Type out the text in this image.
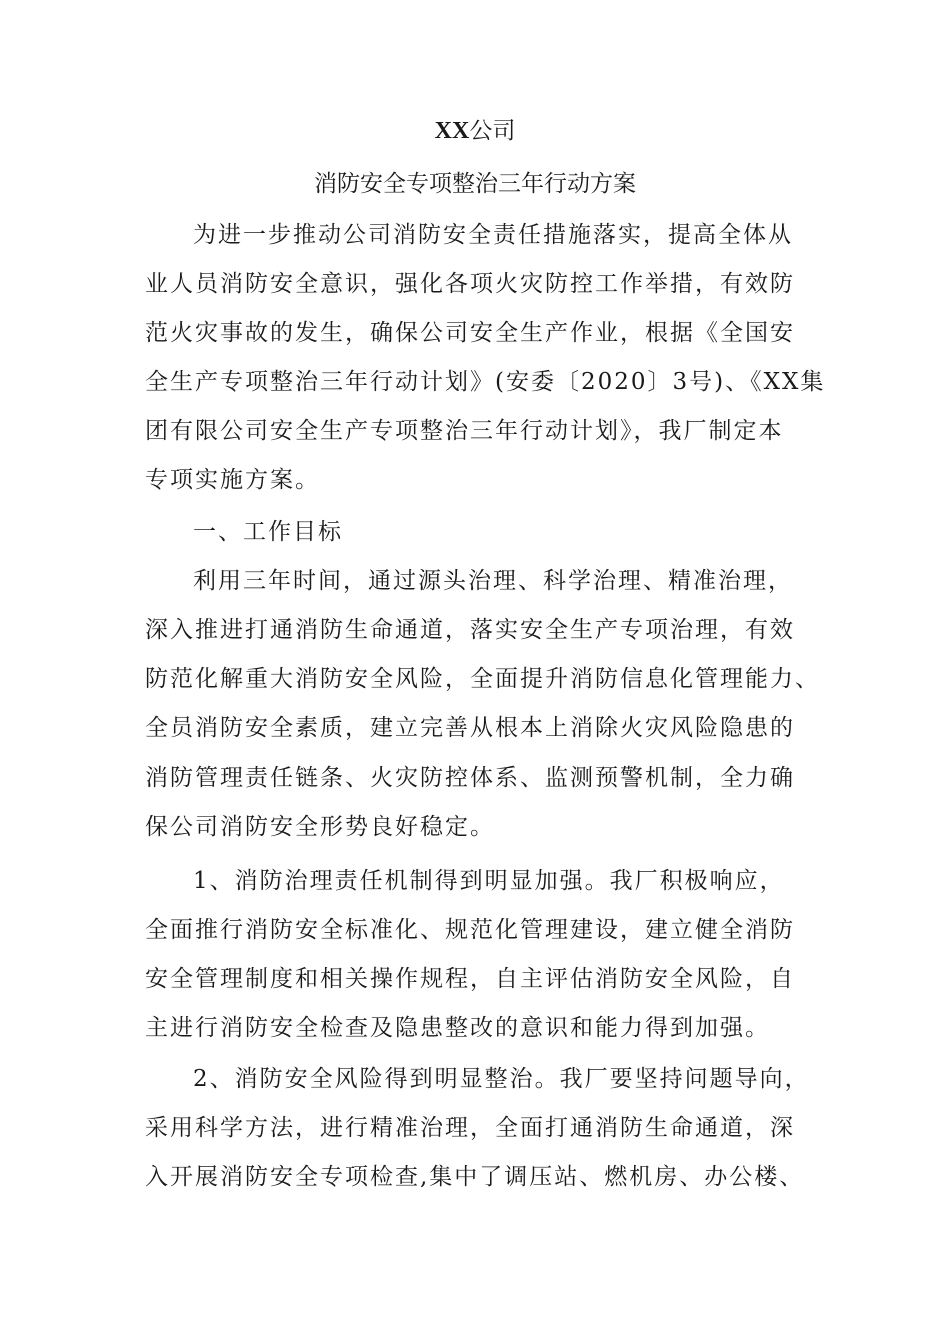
XX公司
消防安全专项整治三年行动方案
为进一步推动公司消防安全责任措施落实，提高全体从
业人员消防安全意识，强化各项火灾防控工作举措，有效防
范火灾事故的发生，确保公司安全生产作业，根据《全国安
全生产专项整治三年行动计划》(安委〔2020〕3号)、《XX集
团有限公司安全生产专项整治三年行动计划》，我厂制定本
专项实施方案。
一、工作目标
利用三年时间，通过源头治理、科学治理、精准治理，
深入推进打通消防生命通道，落实安全生产专项治理，有效
防范化解重大消防安全风险，全面提升消防信息化管理能力、
全员消防安全素质，建立完善从根本上消除火灾风险隐患的
消防管理责任链条、火灾防控体系、监测预警机制，全力确
保公司消防安全形势良好稳定。
1、消防治理责任机制得到明显加强。我厂积极响应，
全面推行消防安全标准化、规范化管理建设，建立健全消防
安全管理制度和相关操作规程，自主评估消防安全风险，自
主进行消防安全检查及隐患整改的意识和能力得到加强。
2、消防安全风险得到明显整治。我厂要坚持问题导向，
采用科学方法，进行精准治理，全面打通消防生命通道，深
入开展消防安全专项检查,集中了调压站、燃机房、办公楼、
